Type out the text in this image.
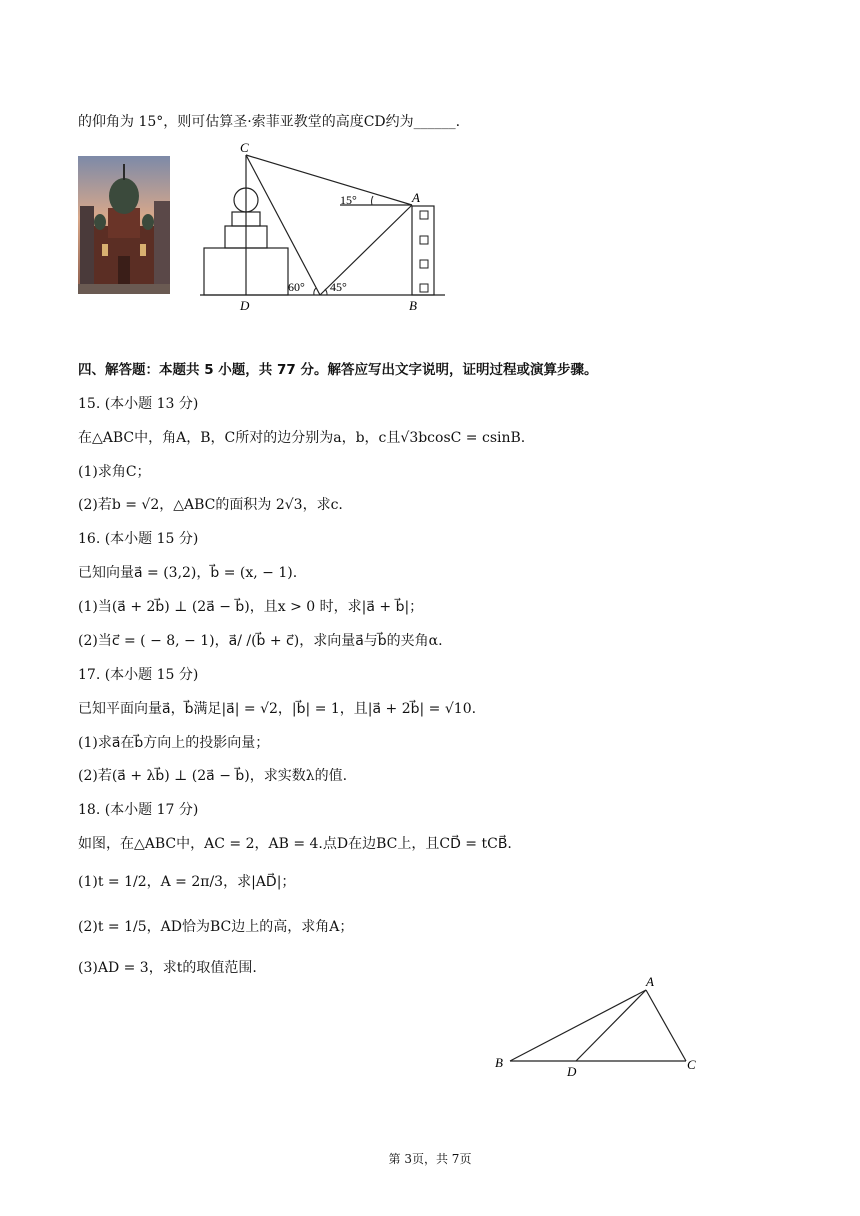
的仰角为 15°，则可估算圣·索菲亚教堂的高度CD约为______.
C
A
D	B
15°
60° 45°
四、解答题：本题共 5 小题，共 77 分。解答应写出文字说明，证明过程或演算步骤。
15. (本小题 13 分)
在△ABC中，角A，B，C所对的边分别为a，b，c且√3bcosC = csinB.
(1)求角C；
(2)若b = √2，△ABC的面积为 2√3，求c.
16. (本小题 15 分)
已知向量a⃗ = (3,2)，b⃗ = (x, − 1).
(1)当(a⃗ + 2b⃗) ⊥ (2a⃗ − b⃗)，且x > 0 时，求|a⃗ + b⃗|；
(2)当c⃗ = ( − 8, − 1)，a⃗/ /(b⃗ + c⃗)，求向量a⃗与b⃗的夹角α.
17. (本小题 15 分)
已知平面向量a⃗，b⃗满足|a⃗| = √2，|b⃗| = 1，且|a⃗ + 2b⃗| = √10.
(1)求a⃗在b⃗方向上的投影向量；
(2)若(a⃗ + λb⃗) ⊥ (2a⃗ − b⃗)，求实数λ的值.
18. (本小题 17 分)
如图，在△ABC中，AC = 2，AB = 4.点D在边BC上，且CD⃗ = tCB⃗.
(1)t = 1/2，A = 2π/3，求|AD⃗|；
(2)t = 1/5，AD恰为BC边上的高，求角A；
(3)AD = 3，求t的取值范围.
A
B	C
D
第 3页，共 7页
